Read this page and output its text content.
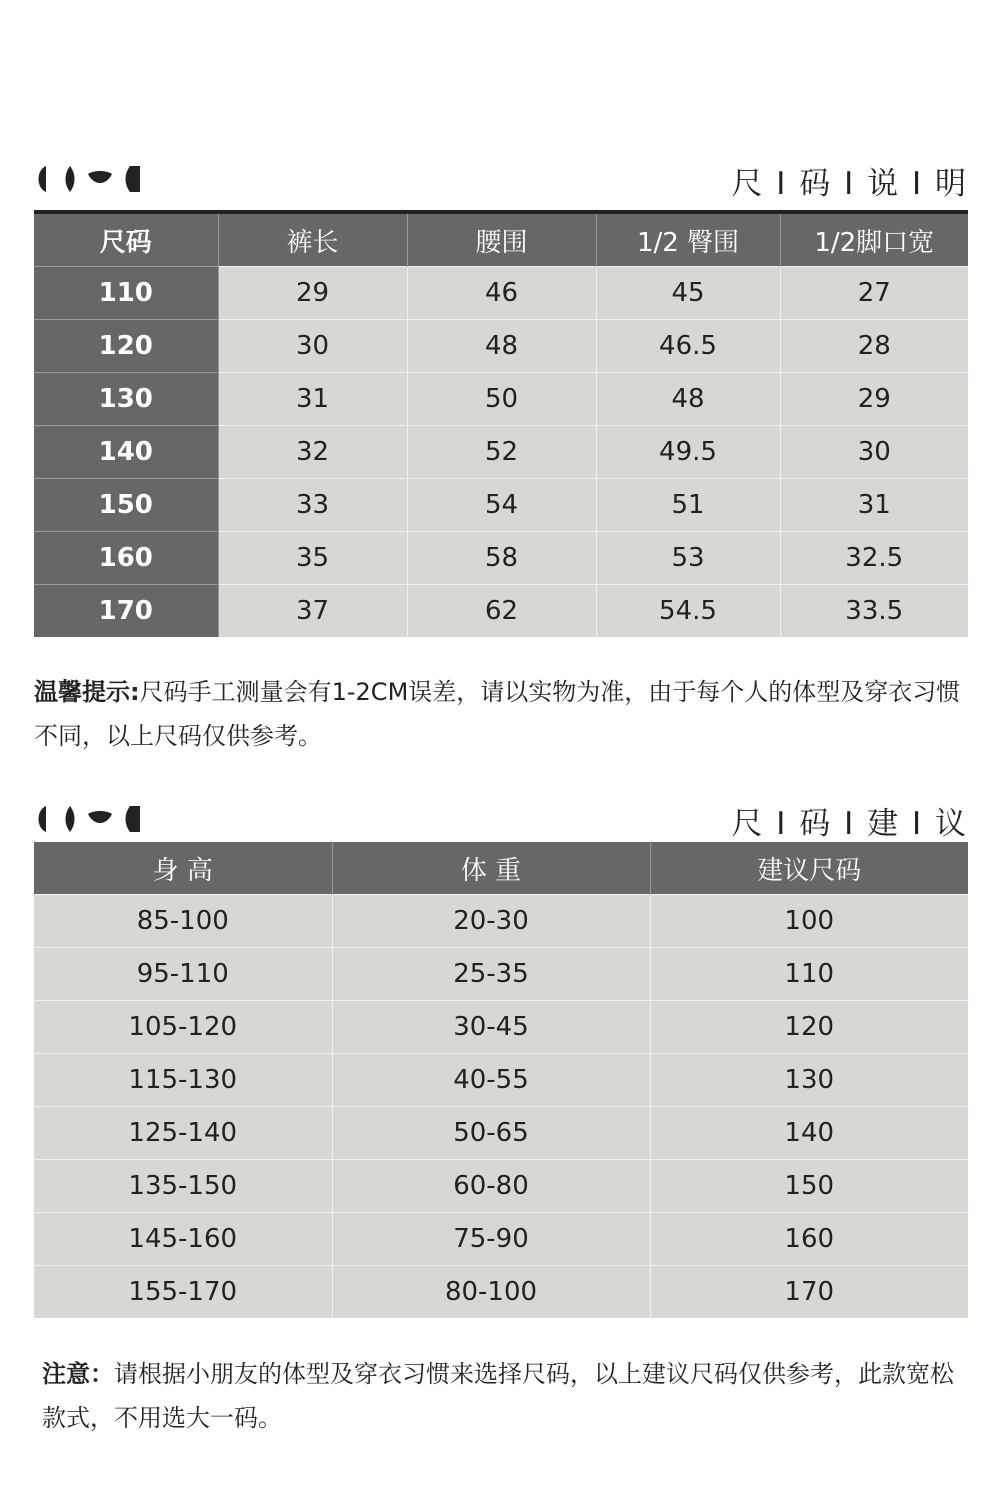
尺 I 码 I 说 I 明
尺码	裤长	腰围	1/2 臀围	1/2脚口宽
110	29	46	45	27
120	30	48	46.5	28
130	31	50	48	29
140	32	52	49.5	30
150	33	54	51	31
160	35	58	53	32.5
170	37	62	54.5	33.5
温馨提示:尺码手工测量会有1-2CM误差，请以实物为准，由于每个人的体型及穿衣习惯不同，以上尺码仅供参考。
尺 I 码 I 建 I 议
身 高	体 重	建议尺码
85-100	20-30	100
95-110	25-35	110
105-120	30-45	120
115-130	40-55	130
125-140	50-65	140
135-150	60-80	150
145-160	75-90	160
155-170	80-100	170
注意：请根据小朋友的体型及穿衣习惯来选择尺码，以上建议尺码仅供参考，此款宽松款式，不用选大一码。
